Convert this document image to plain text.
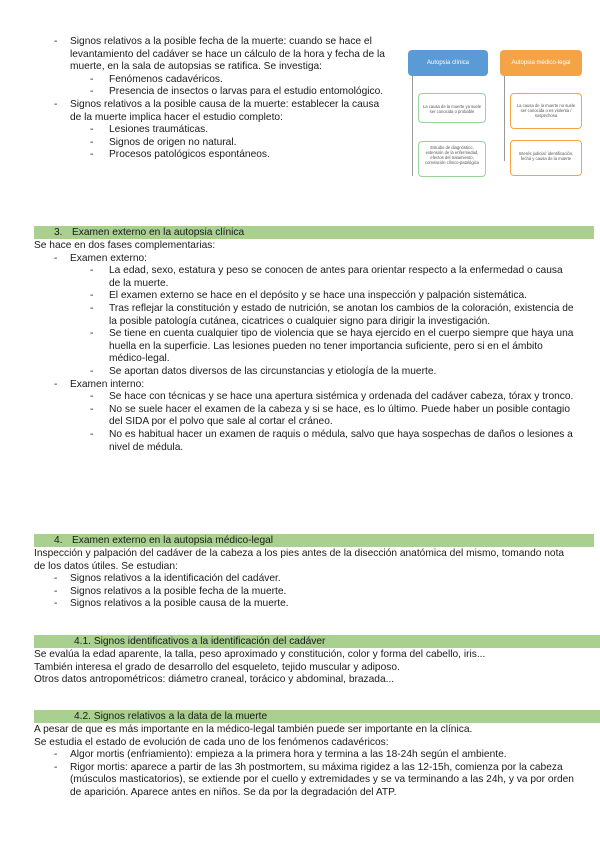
- Signos relativos a la posible fecha de la muerte: cuando se hace el levantamiento del cadáver se hace un cálculo de la hora y fecha de la muerte, en la sala de autopsias se ratifica. Se investiga:
- Fenómenos cadavéricos.
- Presencia de insectos o larvas para el estudio entomológico.
- Signos relativos a la posible causa de la muerte: establecer la causa de la muerte implica hacer el estudio completo:
- Lesiones traumáticas.
- Signos de origen no natural.
- Procesos patológicos espontáneos.
Autopsia clínica	Autopsia médico-legal
La causa de la muerte ya suele ser conocida o probable
Estudio de diagnóstico, extensión de la enfermedad, efectos del tratamiento, correlación clínico-patológica
La causa de la muerte no suele ser conocida o es violenta / sospechosa
Interés judicial: identificación, fecha y causa de la muerte
3. Examen externo en la autopsia clínica
Se hace en dos fases complementarias:
- Examen externo:
- La edad, sexo, estatura y peso se conocen de antes para orientar respecto a la enfermedad o causa de la muerte.
- El examen externo se hace en el depósito y se hace una inspección y palpación sistemática.
- Tras reflejar la constitución y estado de nutrición, se anotan los cambios de la coloración, existencia de la posible patología cutánea, cicatrices o cualquier signo para dirigir la investigación.
- Se tiene en cuenta cualquier tipo de violencia que se haya ejercido en el cuerpo siempre que haya una huella en la superficie. Las lesiones pueden no tener importancia suficiente, pero si en el ámbito médico-legal.
- Se aportan datos diversos de las circunstancias y etiología de la muerte.
- Examen interno:
- Se hace con técnicas y se hace una apertura sistémica y ordenada del cadáver cabeza, tórax y tronco.
- No se suele hacer el examen de la cabeza y si se hace, es lo último. Puede haber un posible contagio del SIDA por el polvo que sale al cortar el cráneo.
- No es habitual hacer un examen de raquis o médula, salvo que haya sospechas de daños o lesiones a nivel de médula.
4. Examen externo en la autopsia médico-legal
Inspección y palpación del cadáver de la cabeza a los pies antes de la disección anatómica del mismo, tomando nota de los datos útiles. Se estudian:
- Signos relativos a la identificación del cadáver.
- Signos relativos a la posible fecha de la muerte.
- Signos relativos a la posible causa de la muerte.
4.1. Signos identificativos a la identificación del cadáver
Se evalúa la edad aparente, la talla, peso aproximado y constitución, color y forma del cabello, iris...
También interesa el grado de desarrollo del esqueleto, tejido muscular y adiposo.
Otros datos antropométricos: diámetro craneal, torácico y abdominal, brazada...
4.2. Signos relativos a la data de la muerte
A pesar de que es más importante en la médico-legal también puede ser importante en la clínica.
Se estudia el estado de evolución de cada uno de los fenómenos cadavéricos:
- Algor mortis (enfriamiento): empieza a la primera hora y termina a las 18-24h según el ambiente.
- Rigor mortis: aparece a partir de las 3h postmortem, su máxima rigidez a las 12-15h, comienza por la cabeza (músculos masticatorios), se extiende por el cuello y extremidades y se va terminando a las 24h, y va por orden de aparición. Aparece antes en niños. Se da por la degradación del ATP.
